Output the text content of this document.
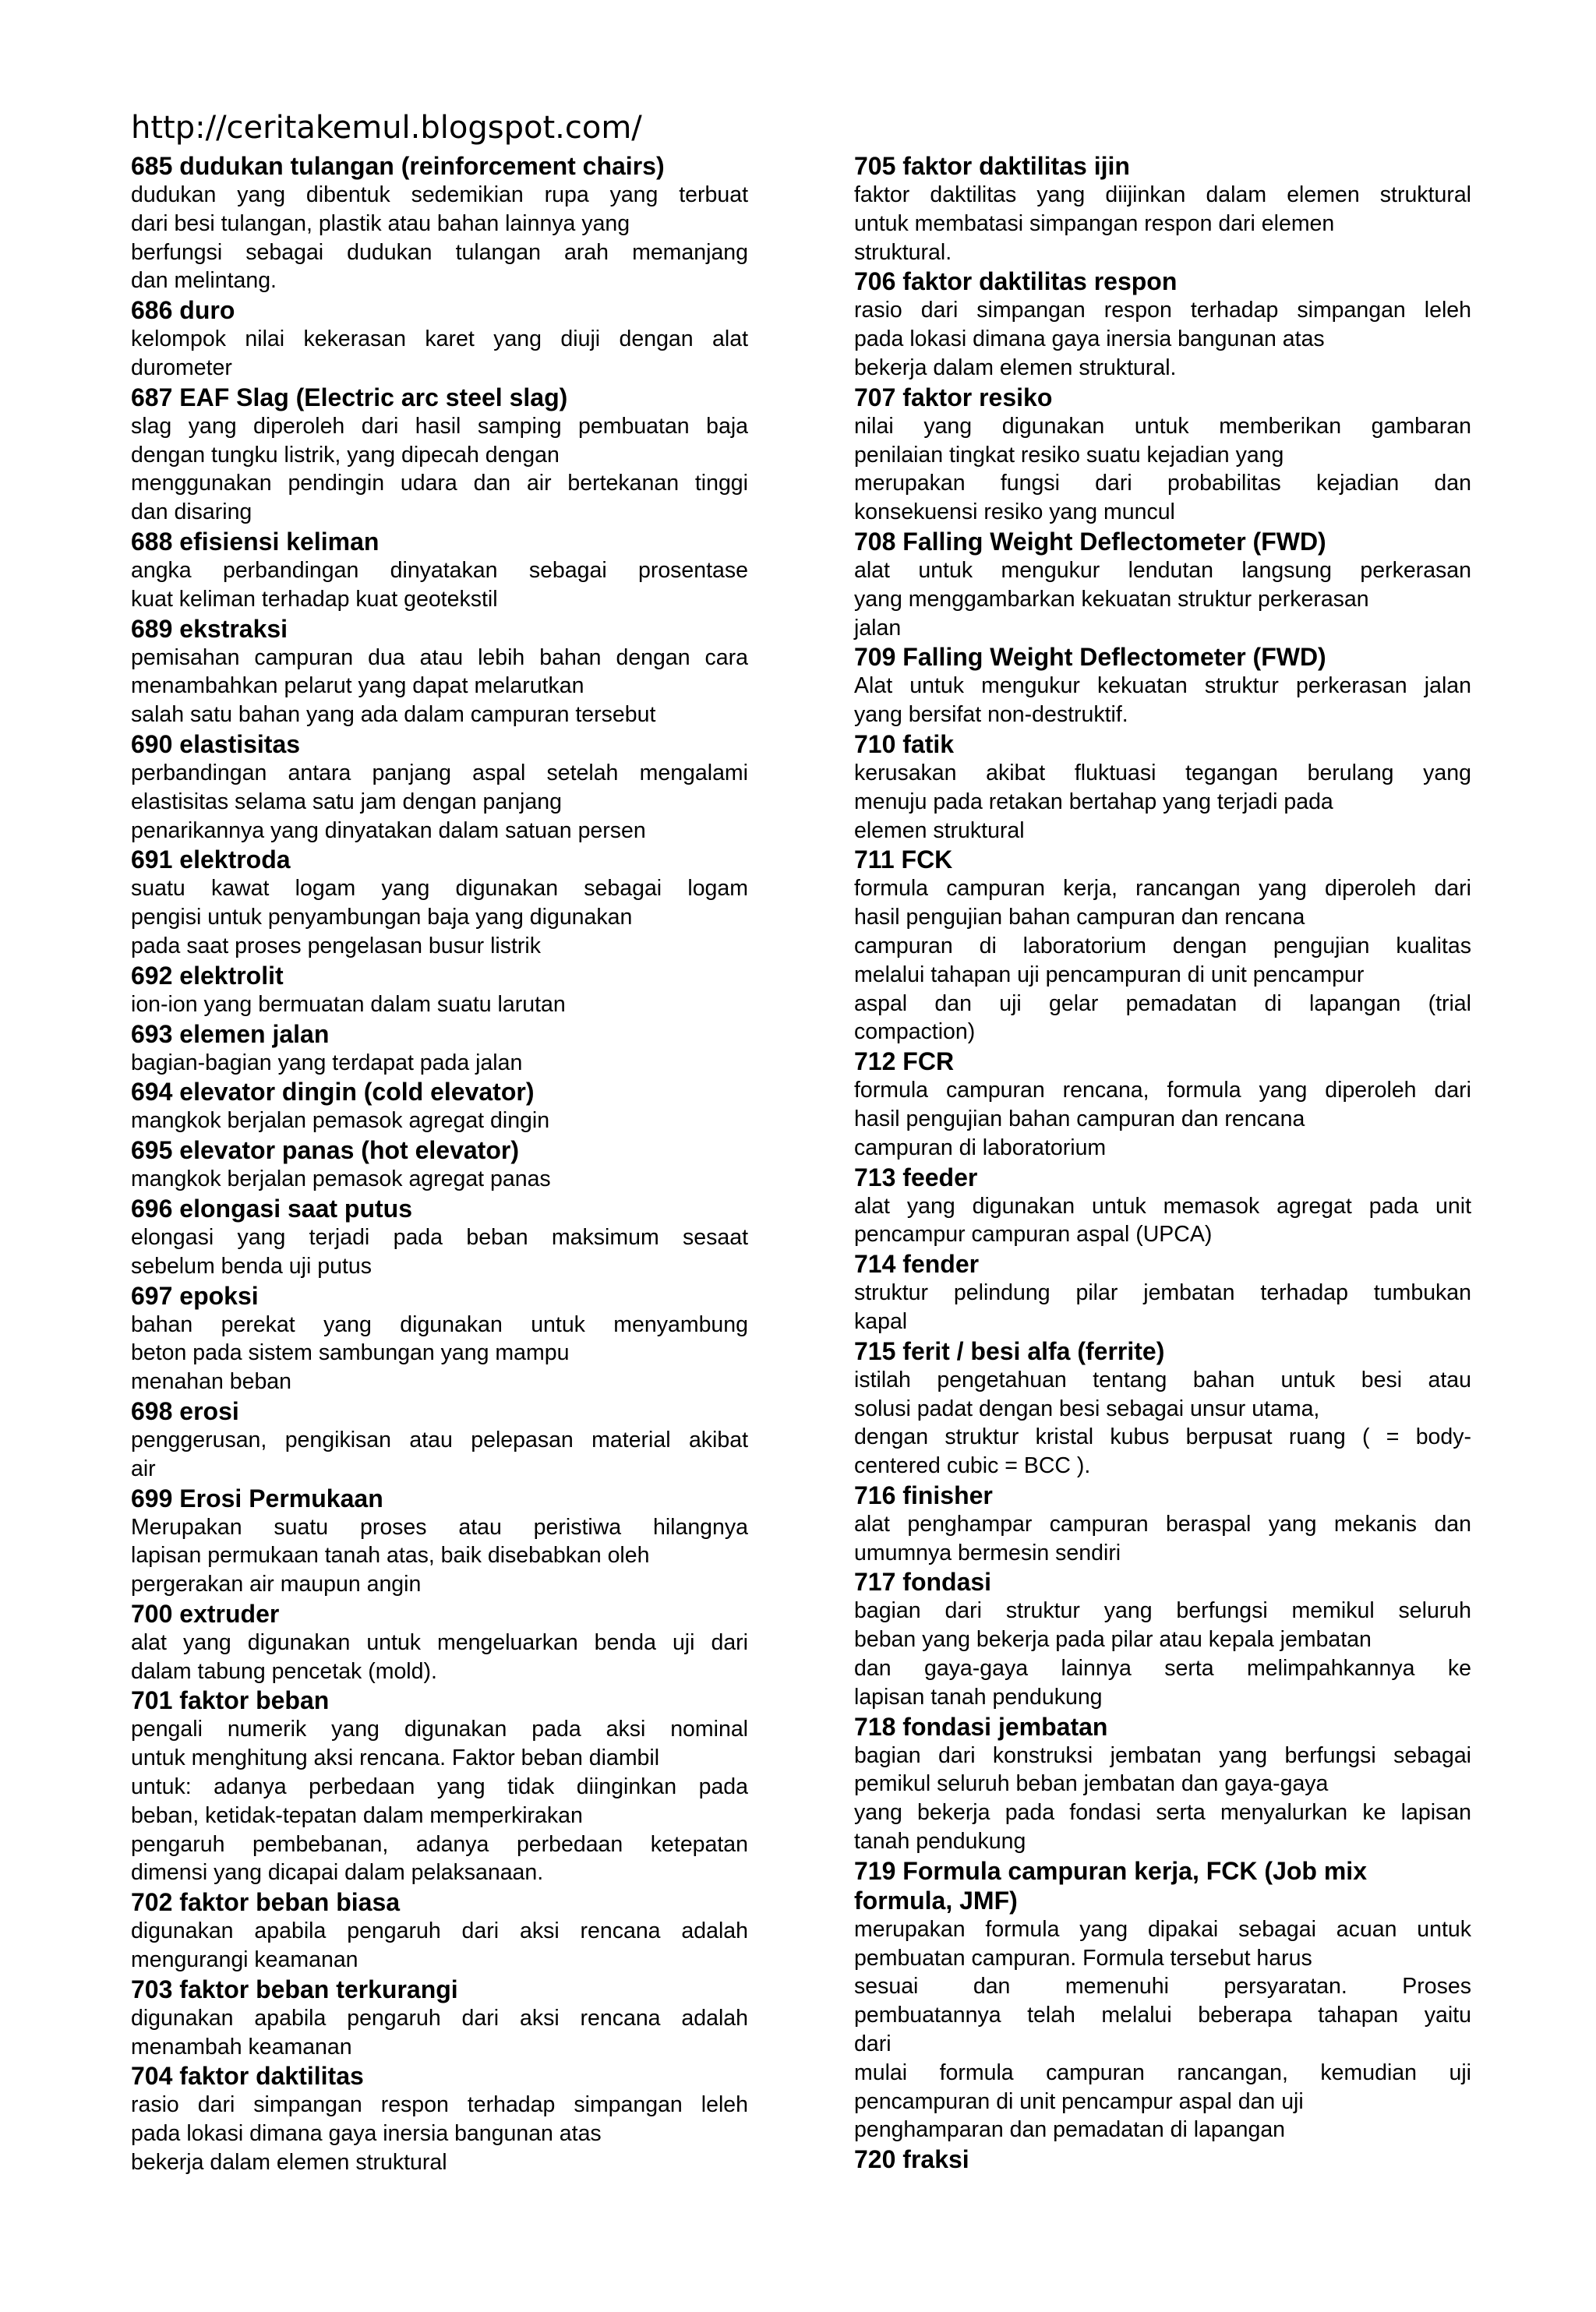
http://ceritakemul.blogspot.com/
685 dudukan tulangan (reinforcement chairs)
dudukan yang dibentuk sedemikian rupa yang terbuat
dari besi tulangan, plastik atau bahan lainnya yang
berfungsi sebagai dudukan tulangan arah memanjang
dan melintang.
686 duro
kelompok nilai kekerasan karet yang diuji dengan alat
durometer
687 EAF Slag (Electric arc steel slag)
slag yang diperoleh dari hasil samping pembuatan baja
dengan tungku listrik, yang dipecah dengan
menggunakan pendingin udara dan air bertekanan tinggi
dan disaring
688 efisiensi keliman
angka perbandingan dinyatakan sebagai prosentase
kuat keliman terhadap kuat geotekstil
689 ekstraksi
pemisahan campuran dua atau lebih bahan dengan cara
menambahkan pelarut yang dapat melarutkan
salah satu bahan yang ada dalam campuran tersebut
690 elastisitas
perbandingan antara panjang aspal setelah mengalami
elastisitas selama satu jam dengan panjang
penarikannya yang dinyatakan dalam satuan persen
691 elektroda
suatu kawat logam yang digunakan sebagai logam
pengisi untuk penyambungan baja yang digunakan
pada saat proses pengelasan busur listrik
692 elektrolit
ion-ion yang bermuatan dalam suatu larutan
693 elemen jalan
bagian-bagian yang terdapat pada jalan
694 elevator dingin (cold elevator)
mangkok berjalan pemasok agregat dingin
695 elevator panas (hot elevator)
mangkok berjalan pemasok agregat panas
696 elongasi saat putus
elongasi yang terjadi pada beban maksimum sesaat
sebelum benda uji putus
697 epoksi
bahan perekat yang digunakan untuk menyambung
beton pada sistem sambungan yang mampu
menahan beban
698 erosi
penggerusan, pengikisan atau pelepasan material akibat
air
699 Erosi Permukaan
Merupakan suatu proses atau peristiwa hilangnya
lapisan permukaan tanah atas, baik disebabkan oleh
pergerakan air maupun angin
700 extruder
alat yang digunakan untuk mengeluarkan benda uji dari
dalam tabung pencetak (mold).
701 faktor beban
pengali numerik yang digunakan pada aksi nominal
untuk menghitung aksi rencana. Faktor beban diambil
untuk: adanya perbedaan yang tidak diinginkan pada
beban, ketidak-tepatan dalam memperkirakan
pengaruh pembebanan, adanya perbedaan ketepatan
dimensi yang dicapai dalam pelaksanaan.
702 faktor beban biasa
digunakan apabila pengaruh dari aksi rencana adalah
mengurangi keamanan
703 faktor beban terkurangi
digunakan apabila pengaruh dari aksi rencana adalah
menambah keamanan
704 faktor daktilitas
rasio dari simpangan respon terhadap simpangan leleh
pada lokasi dimana gaya inersia bangunan atas
bekerja dalam elemen struktural
705 faktor daktilitas ijin
faktor daktilitas yang diijinkan dalam elemen struktural
untuk membatasi simpangan respon dari elemen
struktural.
706 faktor daktilitas respon
rasio dari simpangan respon terhadap simpangan leleh
pada lokasi dimana gaya inersia bangunan atas
bekerja dalam elemen struktural.
707 faktor resiko
nilai yang digunakan untuk memberikan gambaran
penilaian tingkat resiko suatu kejadian yang
merupakan fungsi dari probabilitas kejadian dan
konsekuensi resiko yang muncul
708 Falling Weight Deflectometer (FWD)
alat untuk mengukur lendutan langsung perkerasan
yang menggambarkan kekuatan struktur perkerasan
jalan
709 Falling Weight Deflectometer (FWD)
Alat untuk mengukur kekuatan struktur perkerasan jalan
yang bersifat non-destruktif.
710 fatik
kerusakan akibat fluktuasi tegangan berulang yang
menuju pada retakan bertahap yang terjadi pada
elemen struktural
711 FCK
formula campuran kerja, rancangan yang diperoleh dari
hasil pengujian bahan campuran dan rencana
campuran di laboratorium dengan pengujian kualitas
melalui tahapan uji pencampuran di unit pencampur
aspal dan uji gelar pemadatan di lapangan (trial
compaction)
712 FCR
formula campuran rencana, formula yang diperoleh dari
hasil pengujian bahan campuran dan rencana
campuran di laboratorium
713 feeder
alat yang digunakan untuk memasok agregat pada unit
pencampur campuran aspal (UPCA)
714 fender
struktur pelindung pilar jembatan terhadap tumbukan
kapal
715 ferit / besi alfa (ferrite)
istilah pengetahuan tentang bahan untuk besi atau
solusi padat dengan besi sebagai unsur utama,
dengan struktur kristal kubus berpusat ruang ( = body-
centered cubic = BCC ).
716 finisher
alat penghampar campuran beraspal yang mekanis dan
umumnya bermesin sendiri
717 fondasi
bagian dari struktur yang berfungsi memikul seluruh
beban yang bekerja pada pilar atau kepala jembatan
dan gaya-gaya lainnya serta melimpahkannya ke
lapisan tanah pendukung
718 fondasi jembatan
bagian dari konstruksi jembatan yang berfungsi sebagai
pemikul seluruh beban jembatan dan gaya-gaya
yang bekerja pada fondasi serta menyalurkan ke lapisan
tanah pendukung
719 Formula campuran kerja, FCK (Job mix formula, JMF)
merupakan formula yang dipakai sebagai acuan untuk
pembuatan campuran. Formula tersebut harus
sesuai dan memenuhi persyaratan. Proses
pembuatannya telah melalui beberapa tahapan yaitu
dari
mulai formula campuran rancangan, kemudian uji
pencampuran di unit pencampur aspal dan uji
penghamparan dan pemadatan di lapangan
720 fraksi
